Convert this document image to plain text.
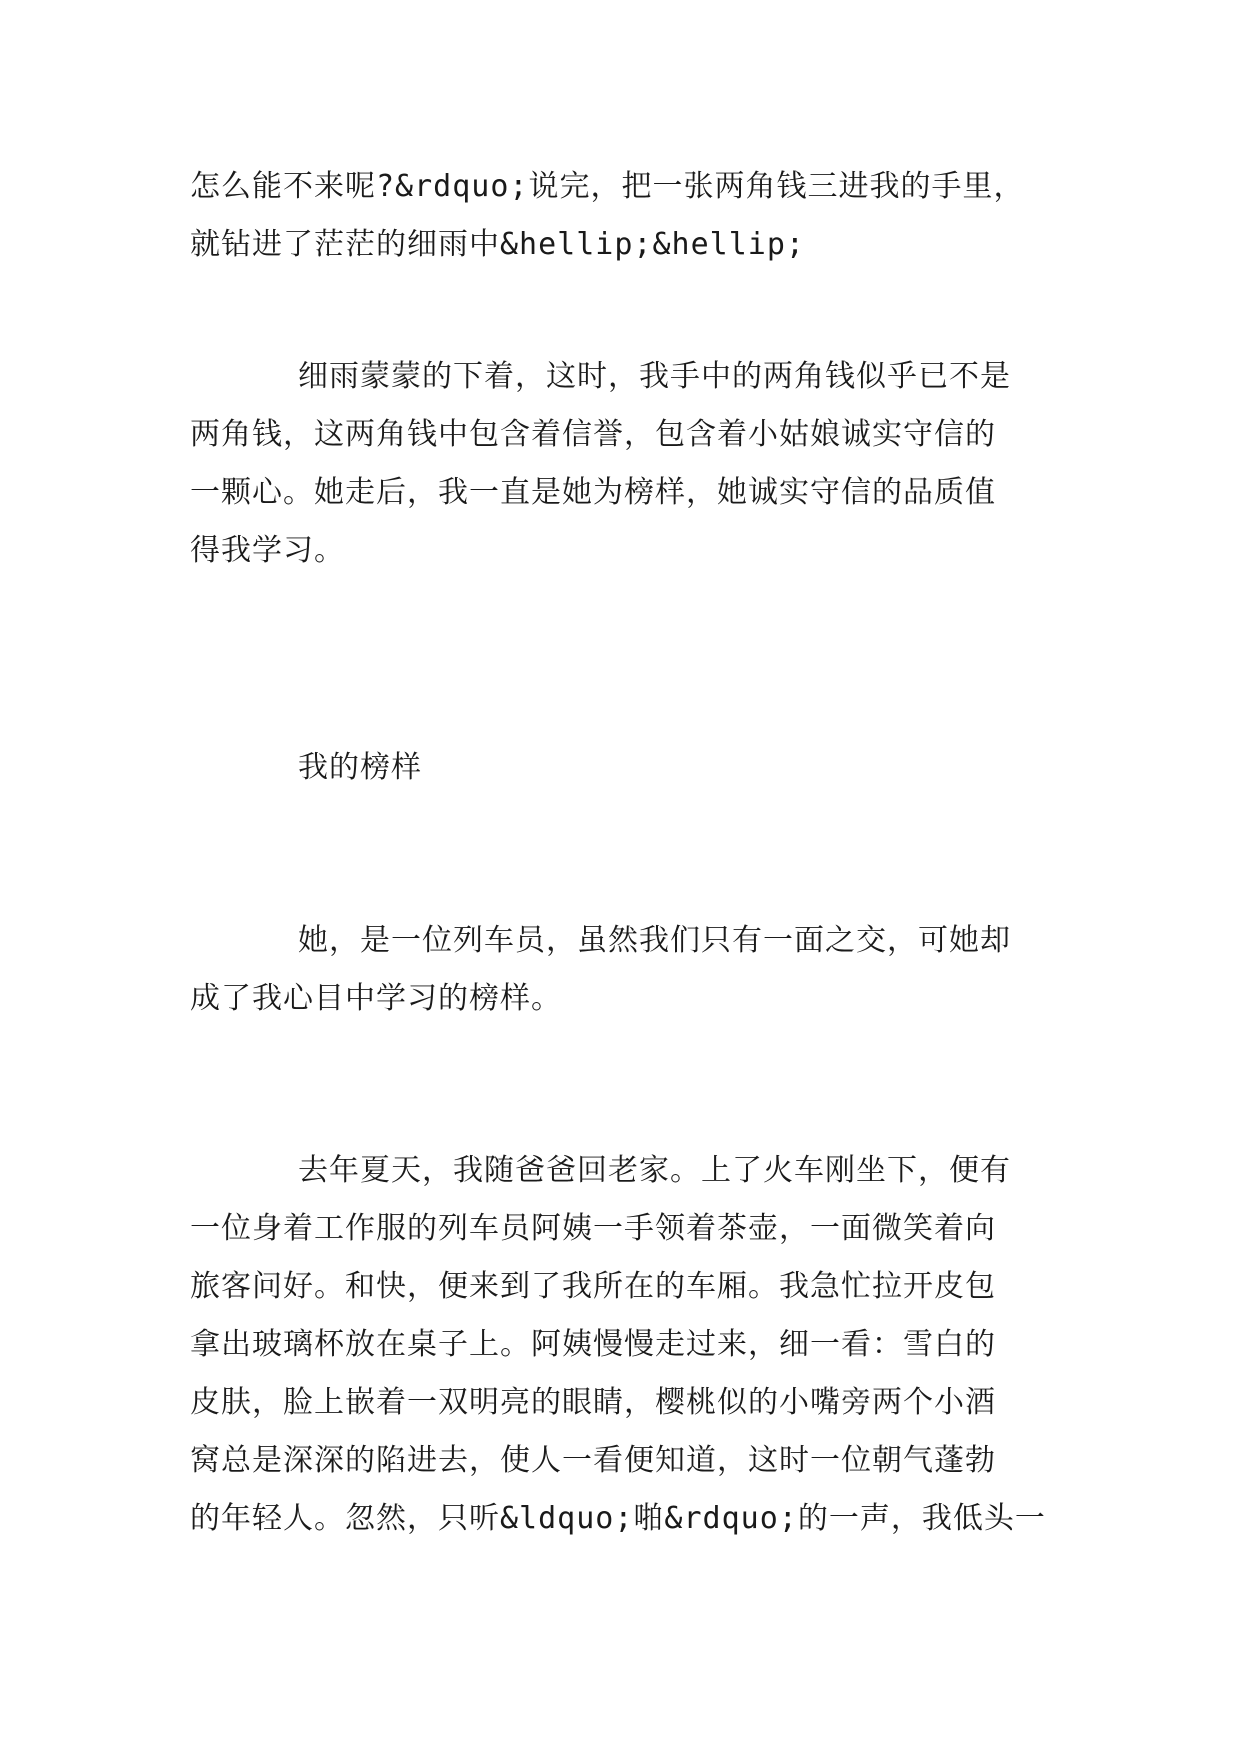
怎么能不来呢?&rdquo;说完，把一张两角钱三进我的手里，
就钻进了茫茫的细雨中&hellip;&hellip;

细雨蒙蒙的下着，这时，我手中的两角钱似乎已不是
两角钱，这两角钱中包含着信誉，包含着小姑娘诚实守信的
一颗心。她走后，我一直是她为榜样，她诚实守信的品质值
得我学习。

我的榜样

她，是一位列车员，虽然我们只有一面之交，可她却
成了我心目中学习的榜样。

去年夏天，我随爸爸回老家。上了火车刚坐下，便有
一位身着工作服的列车员阿姨一手领着茶壶，一面微笑着向
旅客问好。和快，便来到了我所在的车厢。我急忙拉开皮包
拿出玻璃杯放在桌子上。阿姨慢慢走过来，细一看：雪白的
皮肤，脸上嵌着一双明亮的眼睛，樱桃似的小嘴旁两个小酒
窝总是深深的陷进去，使人一看便知道，这时一位朝气蓬勃
的年轻人。忽然，只听&ldquo;啪&rdquo;的一声，我低头一
